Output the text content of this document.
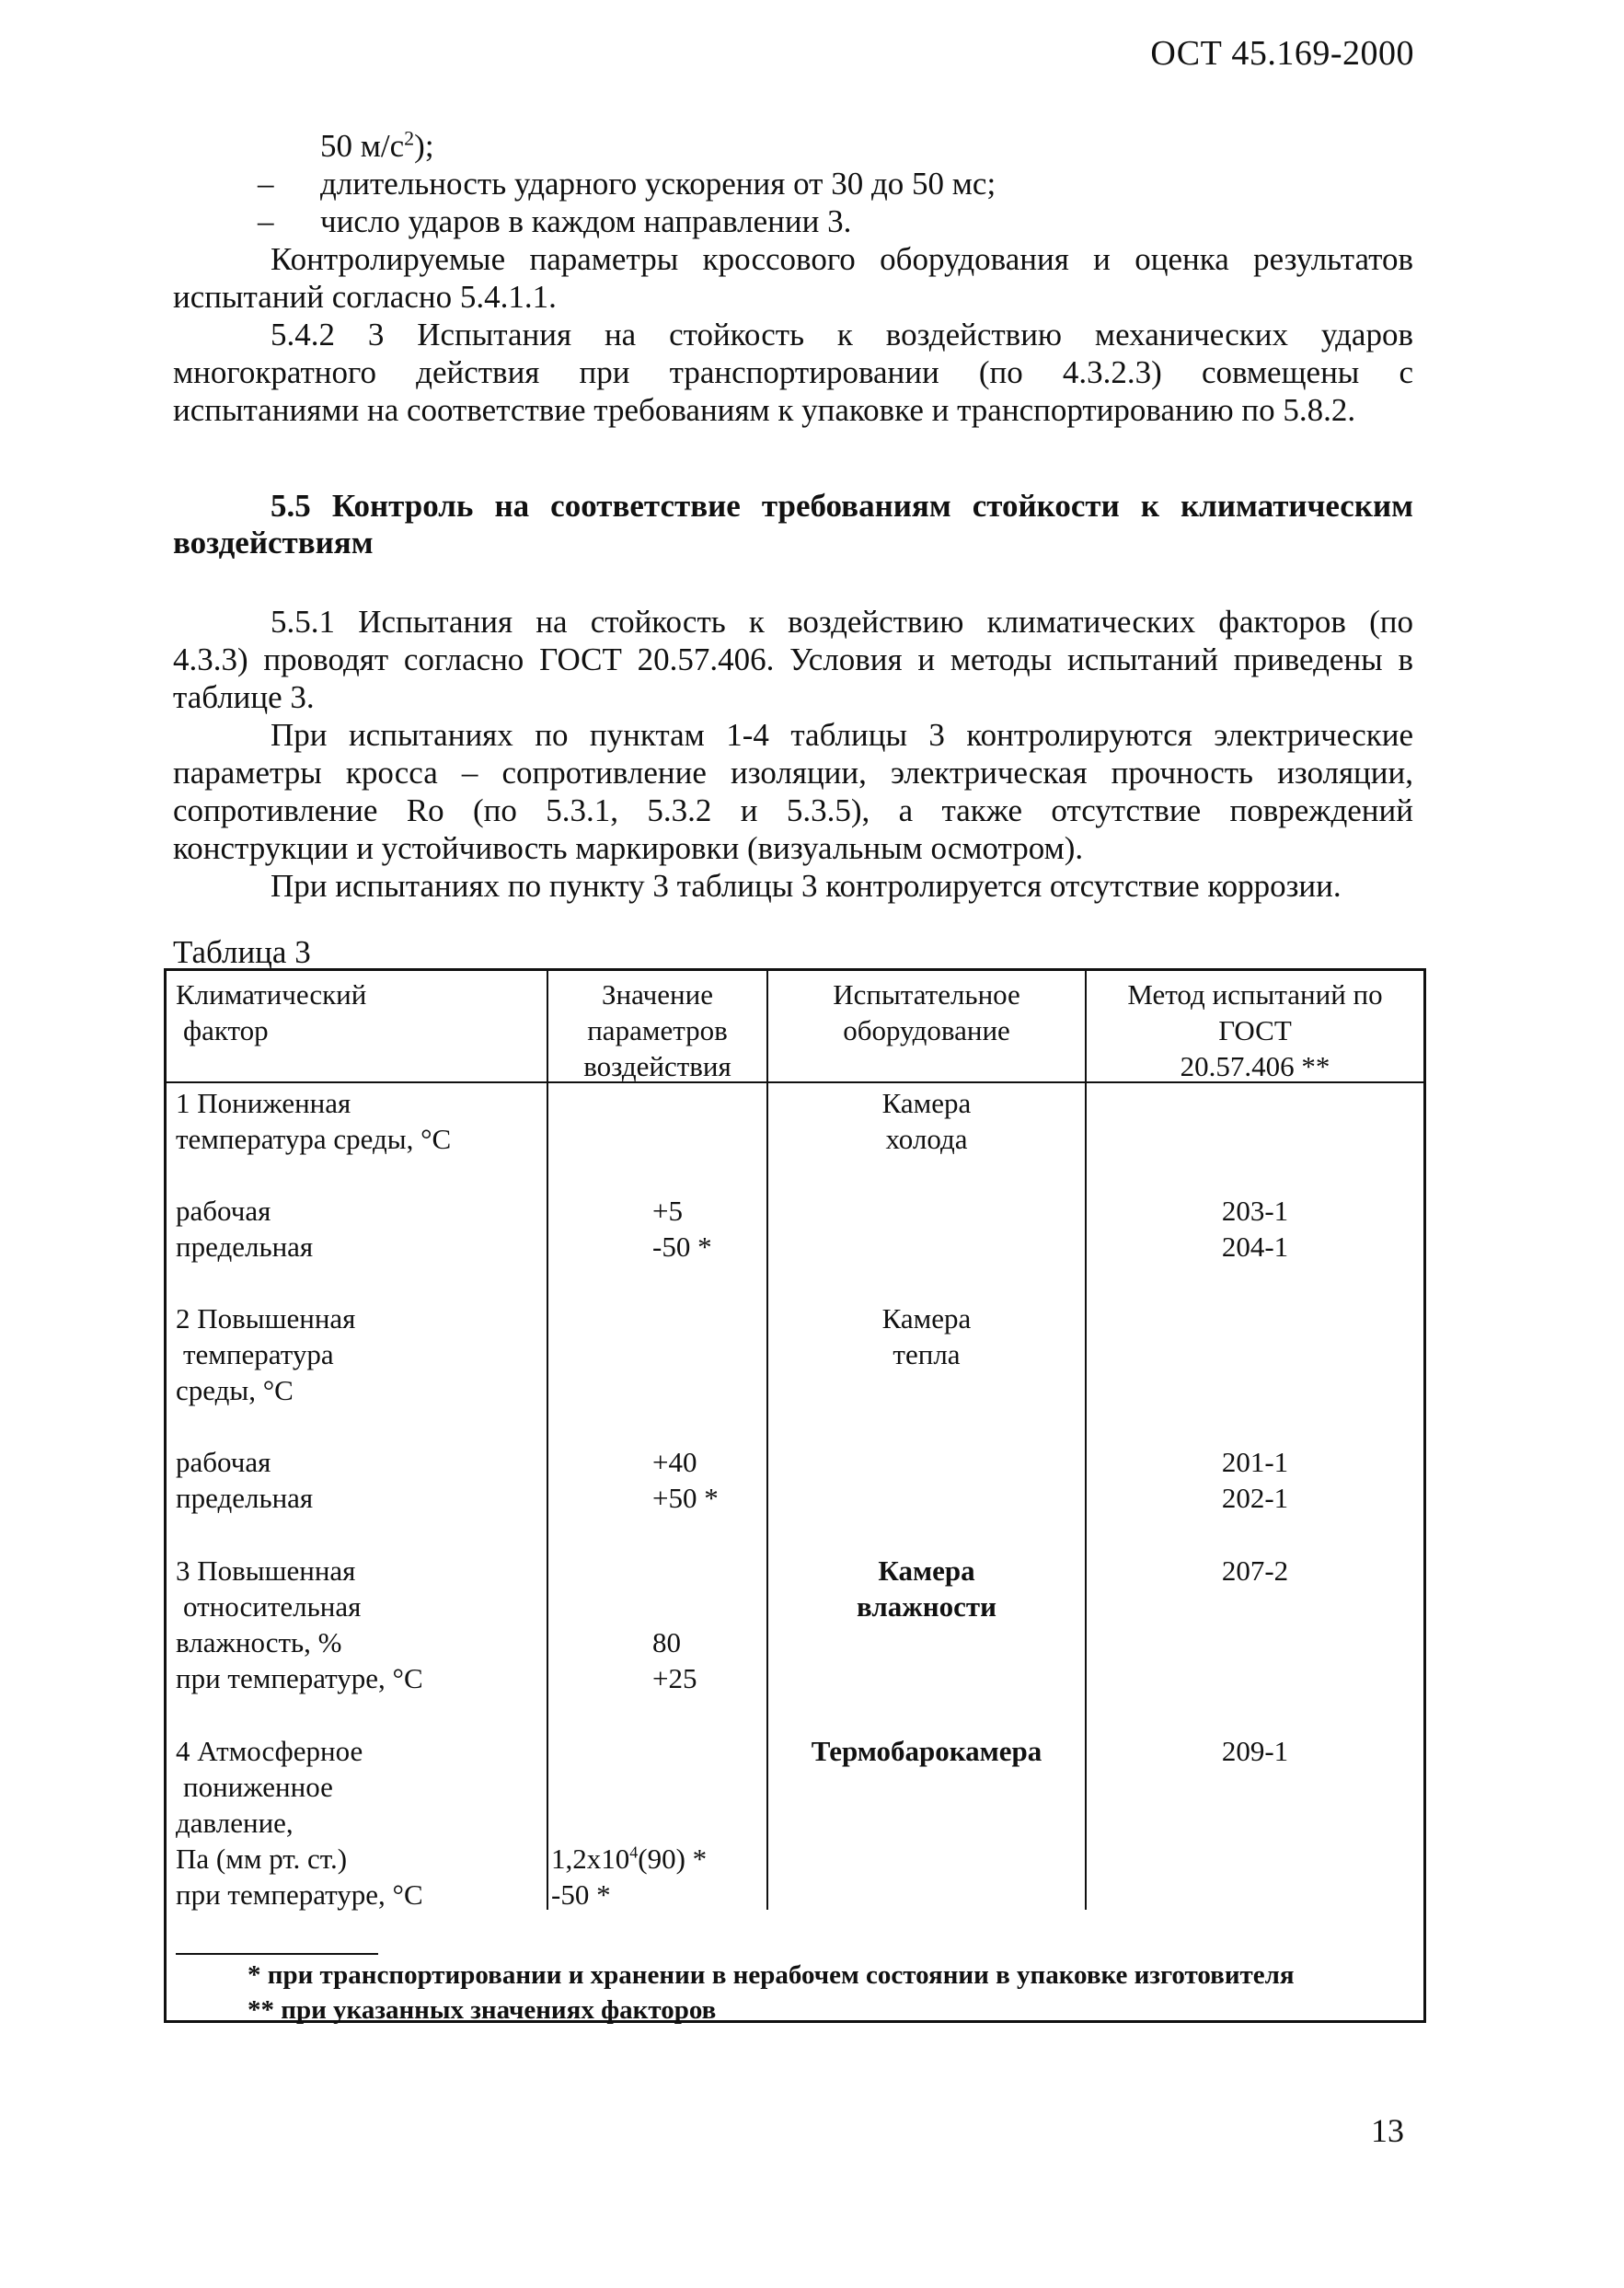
ОСТ 45.169-2000
50 $м/с^2$);
– длительность ударного ускорения от 30 до 50 мс;
– число ударов в каждом направлении 3.
Контролируемые параметры кроссового оборудования и оценка результатов
испытаний согласно 5.4.1.1.
5.4.2 3 Испытания на стойкость к воздействию механических ударов
многократного действия при транспортировании (по 4.3.2.3) совмещены с
испытаниями на соответствие требованиям к упаковке и транспортированию по 5.8.2.
5.5 Контроль на соответствие требованиям стойкости к климатическим
воздействиям
5.5.1 Испытания на стойкость к воздействию климатических факторов (по
4.3.3) проводят согласно ГОСТ 20.57.406. Условия и методы испытаний приведены в
таблице 3.
При испытаниях по пунктам 1-4 таблицы 3 контролируются электрические
параметры кросса – сопротивление изоляции, электрическая прочность изоляции,
сопротивление Ro (по 5.3.1, 5.3.2 и 5.3.5), а также отсутствие повреждений
конструкции и устойчивость маркировки (визуальным осмотром).
При испытаниях по пункту 3 таблицы 3 контролируется отсутствие коррозии.
Таблица 3
Климатический
фактор
Значение
параметров
воздействия
Испытательное
оборудование
Метод испытаний по
ГОСТ
20.57.406 **
1 Пониженная
температура среды, °С
Камера
холода
рабочая
предельная
+5
-50 *
203-1
204-1
2 Повышенная
температура
среды, °С
Камера
тепла
рабочая
предельная
+40
+50 *
201-1
202-1
3 Повышенная
относительная
влажность, %
при температуре, °С
Камера
влажности
207-2
80
+25
4 Атмосферное
пониженное
давление,
Па (мм рт. ст.)
при температуре, °С
Термобарокамера	209-1
$1,2x10^4(90)$ *
-50 *
* при транспортировании и хранении в нерабочем состоянии в упаковке изготовителя
** при указанных значениях факторов
13
